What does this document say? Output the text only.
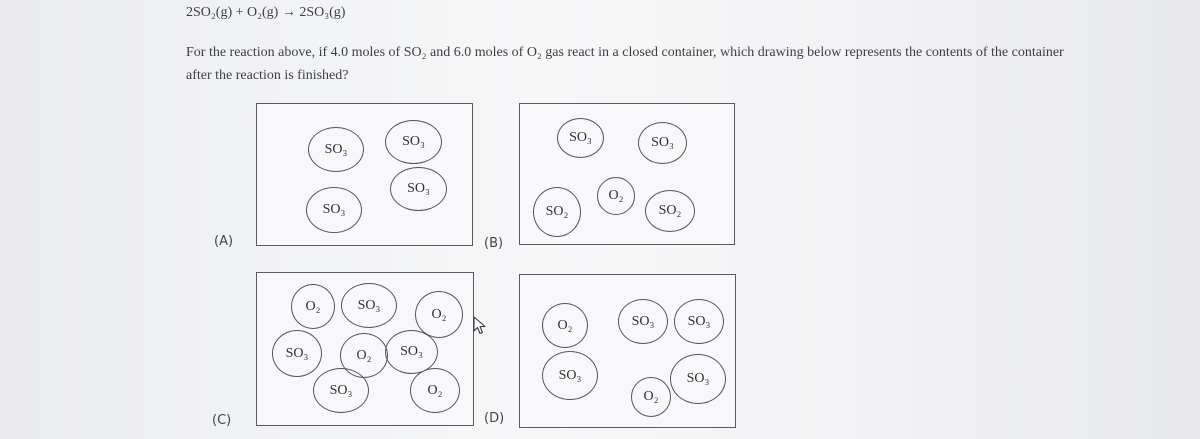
2SO₂(g) + O₂(g) → 2SO₃(g)
For the reaction above, if 4.0 moles of SO₂ and 6.0 moles of O₂ gas react in a closed container, which drawing below represents the contents of the container after the reaction is finished?
(A)
SO₃	SO₃
SO₃
SO₃
(B)
SO₃	SO₃
SO₂
O₂
SO₂
(C)
O₂	SO₃
O₂
SO₃	O₂	SO₃
SO₃	O₂
(D)
O₂	SO₃	SO₃
SO₃	SO₃
O₂
